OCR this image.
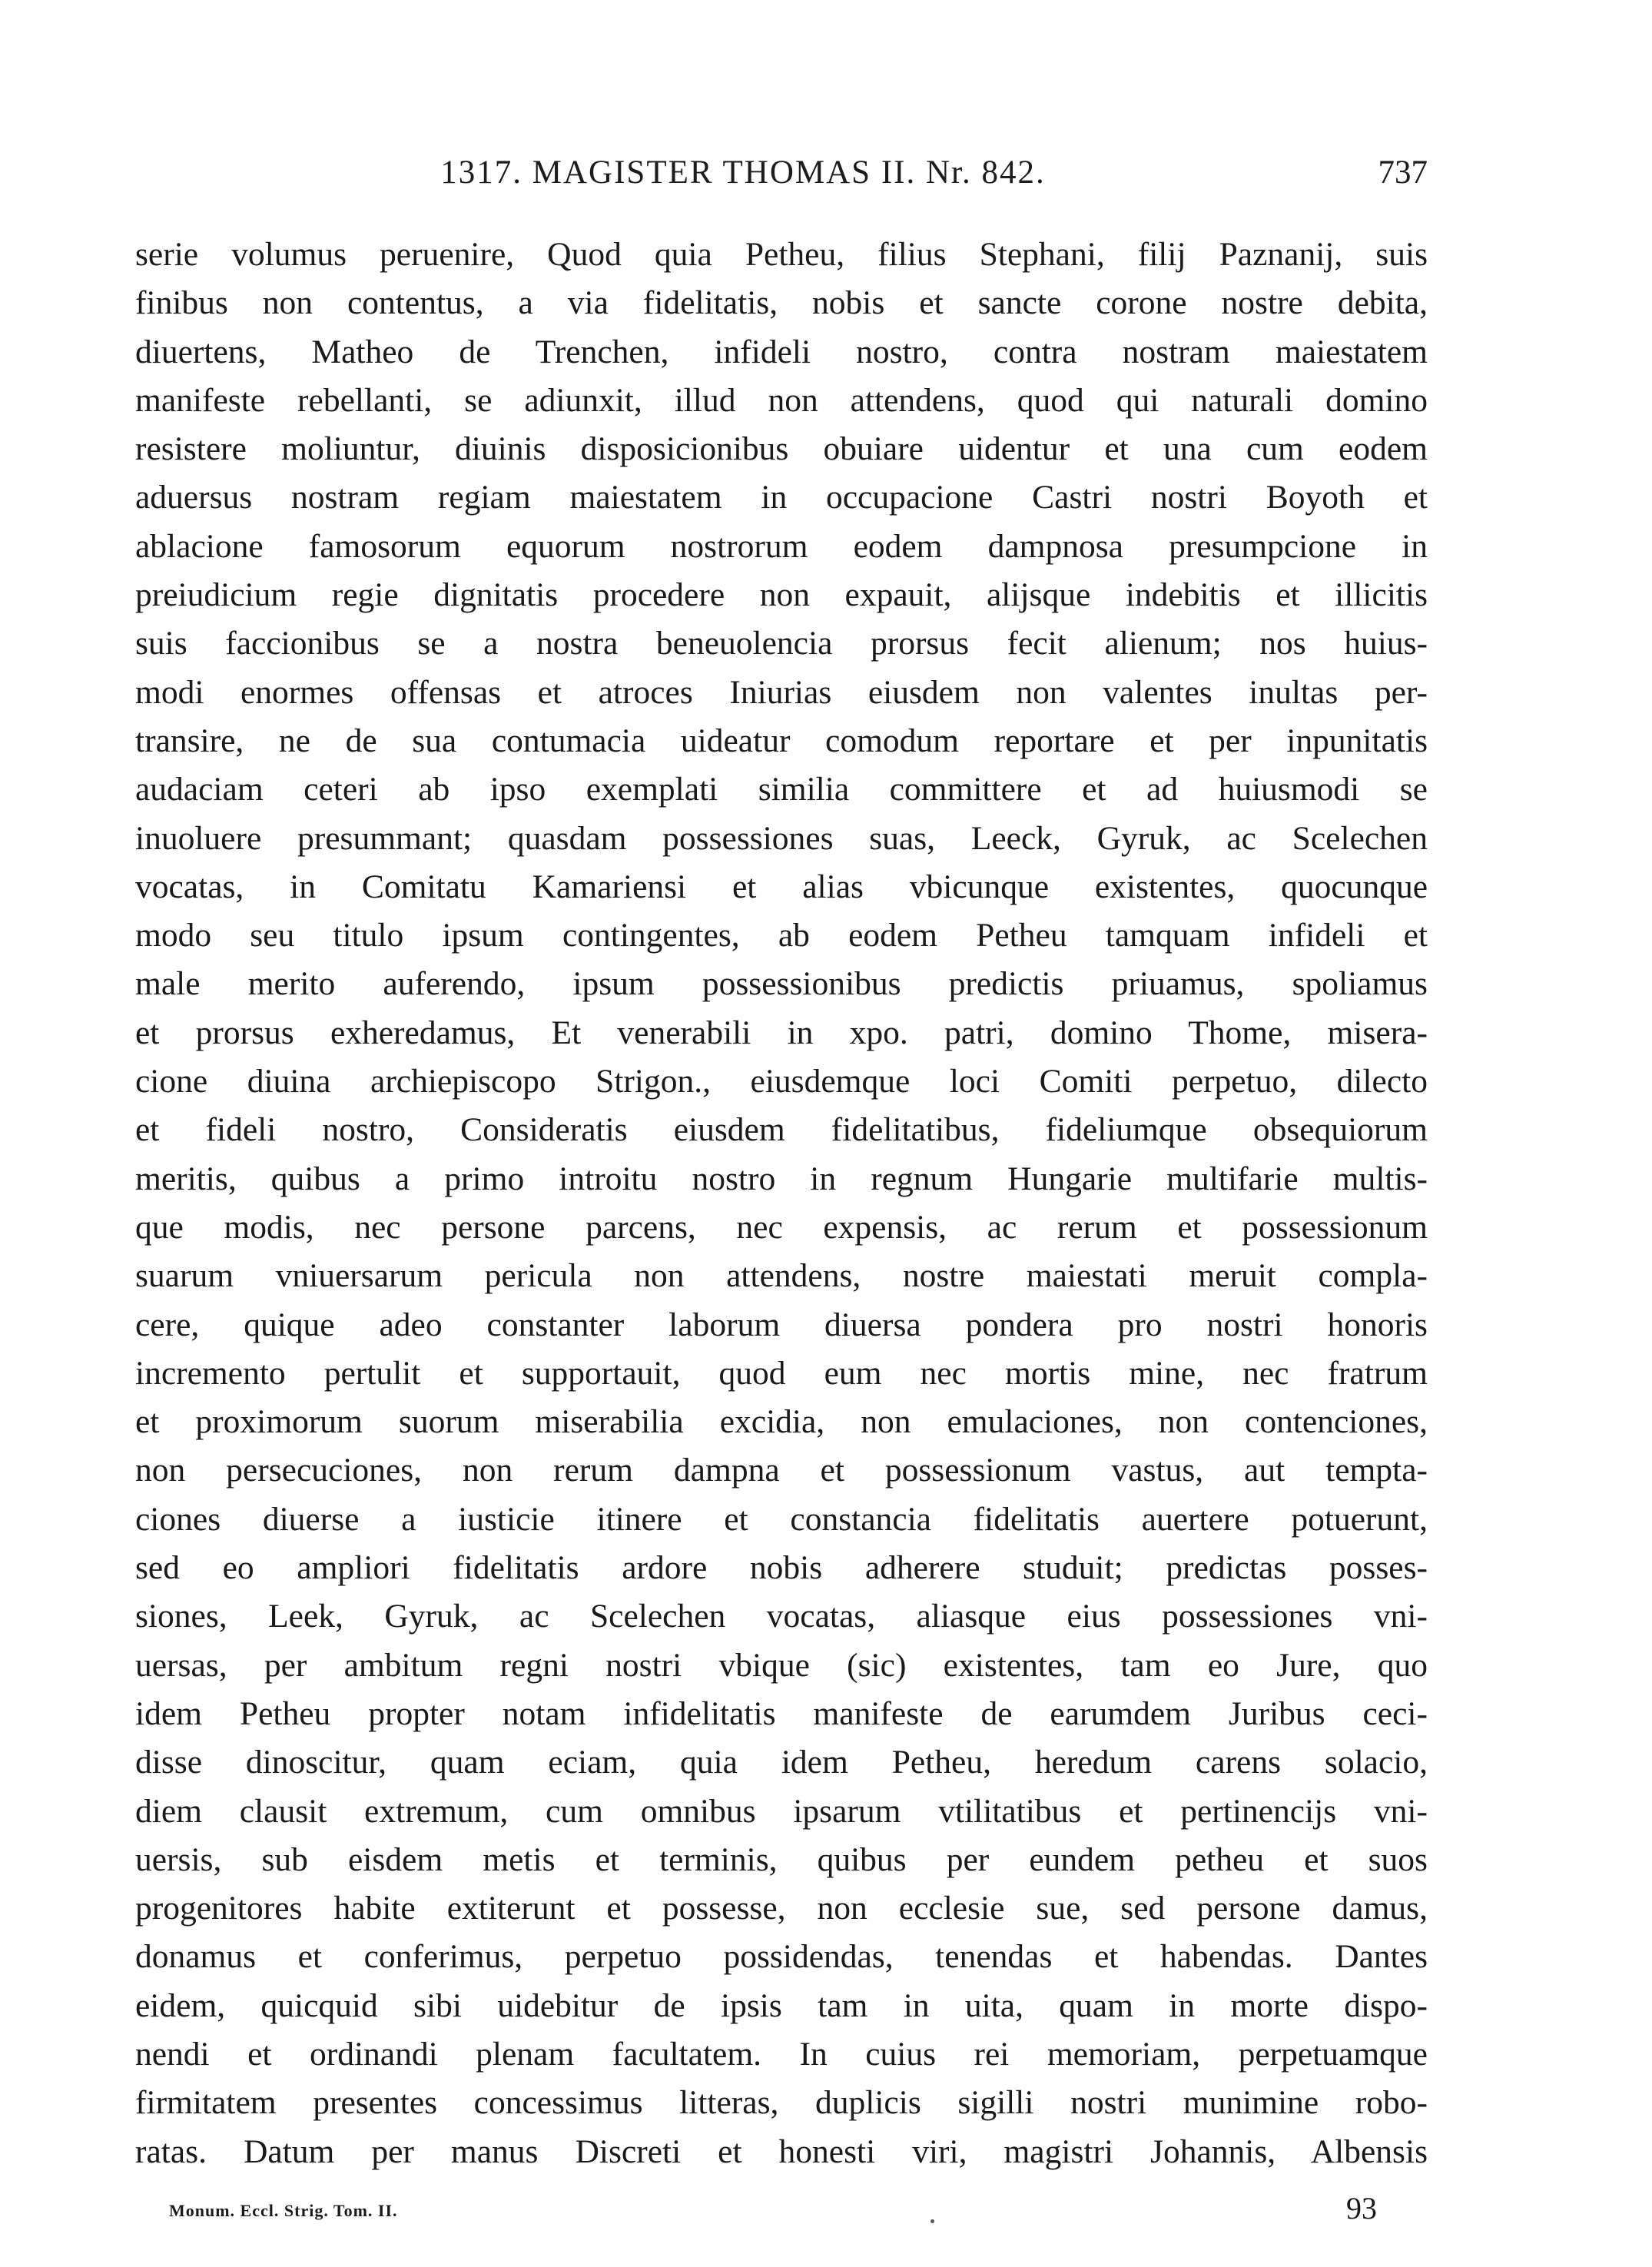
1317. MAGISTER THOMAS II. Nr. 842.	737
serie volumus peruenire, Quod quia Petheu, filius Stephani, filij Paznanij, suis
finibus non contentus, a via fidelitatis, nobis et sancte corone nostre debita,
diuertens, Matheo de Trenchen, infideli nostro, contra nostram maiestatem
manifeste rebellanti, se adiunxit, illud non attendens, quod qui naturali domino
resistere moliuntur, diuinis disposicionibus obuiare uidentur et una cum eodem
aduersus nostram regiam maiestatem in occupacione Castri nostri Boyoth et
ablacione famosorum equorum nostrorum eodem dampnosa presumpcione in
preiudicium regie dignitatis procedere non expauit, alijsque indebitis et illicitis
suis faccionibus se a nostra beneuolencia prorsus fecit alienum; nos huius-
modi enormes offensas et atroces Iniurias eiusdem non valentes inultas per-
transire, ne de sua contumacia uideatur comodum reportare et per inpunitatis
audaciam ceteri ab ipso exemplati similia committere et ad huiusmodi se
inuoluere presummant; quasdam possessiones suas, Leeck, Gyruk, ac Scelechen
vocatas, in Comitatu Kamariensi et alias vbicunque existentes, quocunque
modo seu titulo ipsum contingentes, ab eodem Petheu tamquam infideli et
male merito auferendo, ipsum possessionibus predictis priuamus, spoliamus
et prorsus exheredamus, Et venerabili in xpo. patri, domino Thome, misera-
cione diuina archiepiscopo Strigon., eiusdemque loci Comiti perpetuo, dilecto
et fideli nostro, Consideratis eiusdem fidelitatibus, fideliumque obsequiorum
meritis, quibus a primo introitu nostro in regnum Hungarie multifarie multis-
que modis, nec persone parcens, nec expensis, ac rerum et possessionum
suarum vniuersarum pericula non attendens, nostre maiestati meruit compla-
cere, quique adeo constanter laborum diuersa pondera pro nostri honoris
incremento pertulit et supportauit, quod eum nec mortis mine, nec fratrum
et proximorum suorum miserabilia excidia, non emulaciones, non contenciones,
non persecuciones, non rerum dampna et possessionum vastus, aut tempta-
ciones diuerse a iusticie itinere et constancia fidelitatis auertere potuerunt,
sed eo ampliori fidelitatis ardore nobis adherere studuit; predictas posses-
siones, Leek, Gyruk, ac Scelechen vocatas, aliasque eius possessiones vni-
uersas, per ambitum regni nostri vbique (sic) existentes, tam eo Jure, quo
idem Petheu propter notam infidelitatis manifeste de earumdem Juribus ceci-
disse dinoscitur, quam eciam, quia idem Petheu, heredum carens solacio,
diem clausit extremum, cum omnibus ipsarum vtilitatibus et pertinencijs vni-
uersis, sub eisdem metis et terminis, quibus per eundem petheu et suos
progenitores habite extiterunt et possesse, non ecclesie sue, sed persone damus,
donamus et conferimus, perpetuo possidendas, tenendas et habendas. Dantes
eidem, quicquid sibi uidebitur de ipsis tam in uita, quam in morte dispo-
nendi et ordinandi plenam facultatem. In cuius rei memoriam, perpetuamque
firmitatem presentes concessimus litteras, duplicis sigilli nostri munimine robo-
ratas. Datum per manus Discreti et honesti viri, magistri Johannis, Albensis
Monum. Eccl. Strig. Tom. II.	93
